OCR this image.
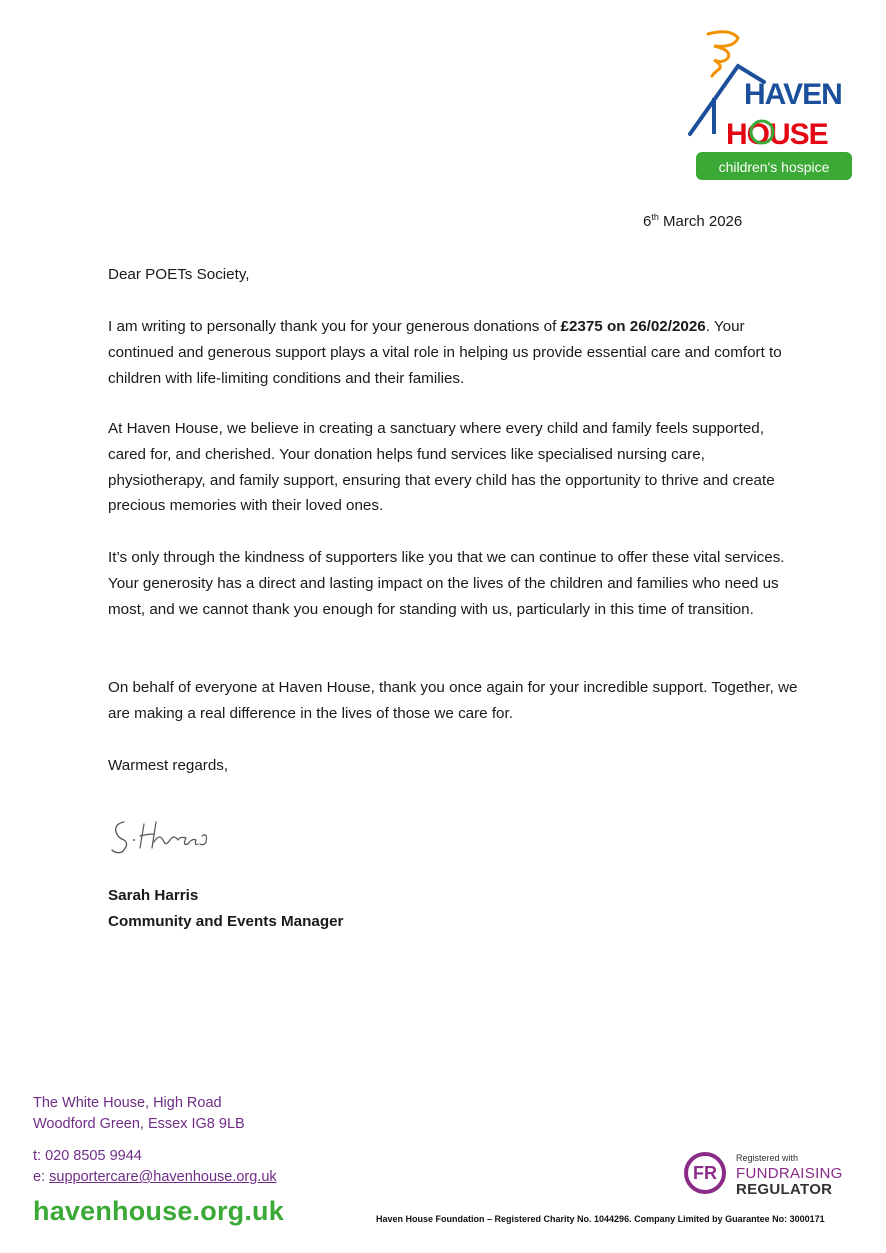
HAVEN
HOUSE
children's hospice
6th March 2026
Dear POETs Society,

I am writing to personally thank you for your generous donations of £2375 on 26/02/2026. Your continued and generous support plays a vital role in helping us provide essential care and comfort to children with life-limiting conditions and their families.

At Haven House, we believe in creating a sanctuary where every child and family feels supported, cared for, and cherished. Your donation helps fund services like specialised nursing care, physiotherapy, and family support, ensuring that every child has the opportunity to thrive and create precious memories with their loved ones.

It’s only through the kindness of supporters like you that we can continue to offer these vital services. Your generosity has a direct and lasting impact on the lives of the children and families who need us most, and we cannot thank you enough for standing with us, particularly in this time of transition.

On behalf of everyone at Haven House, thank you once again for your incredible support. Together, we are making a real difference in the lives of those we care for.

Warmest regards,
Sarah Harris
Community and Events Manager
The White House, High Road
Woodford Green, Essex IG8 9LB
t: 020 8505 9944
e: supportercare@havenhouse.org.uk
havenhouse.org.uk
FR
Registered with
FUNDRAISING
REGULATOR
Haven House Foundation – Registered Charity No. 1044296. Company Limited by Guarantee No: 3000171
